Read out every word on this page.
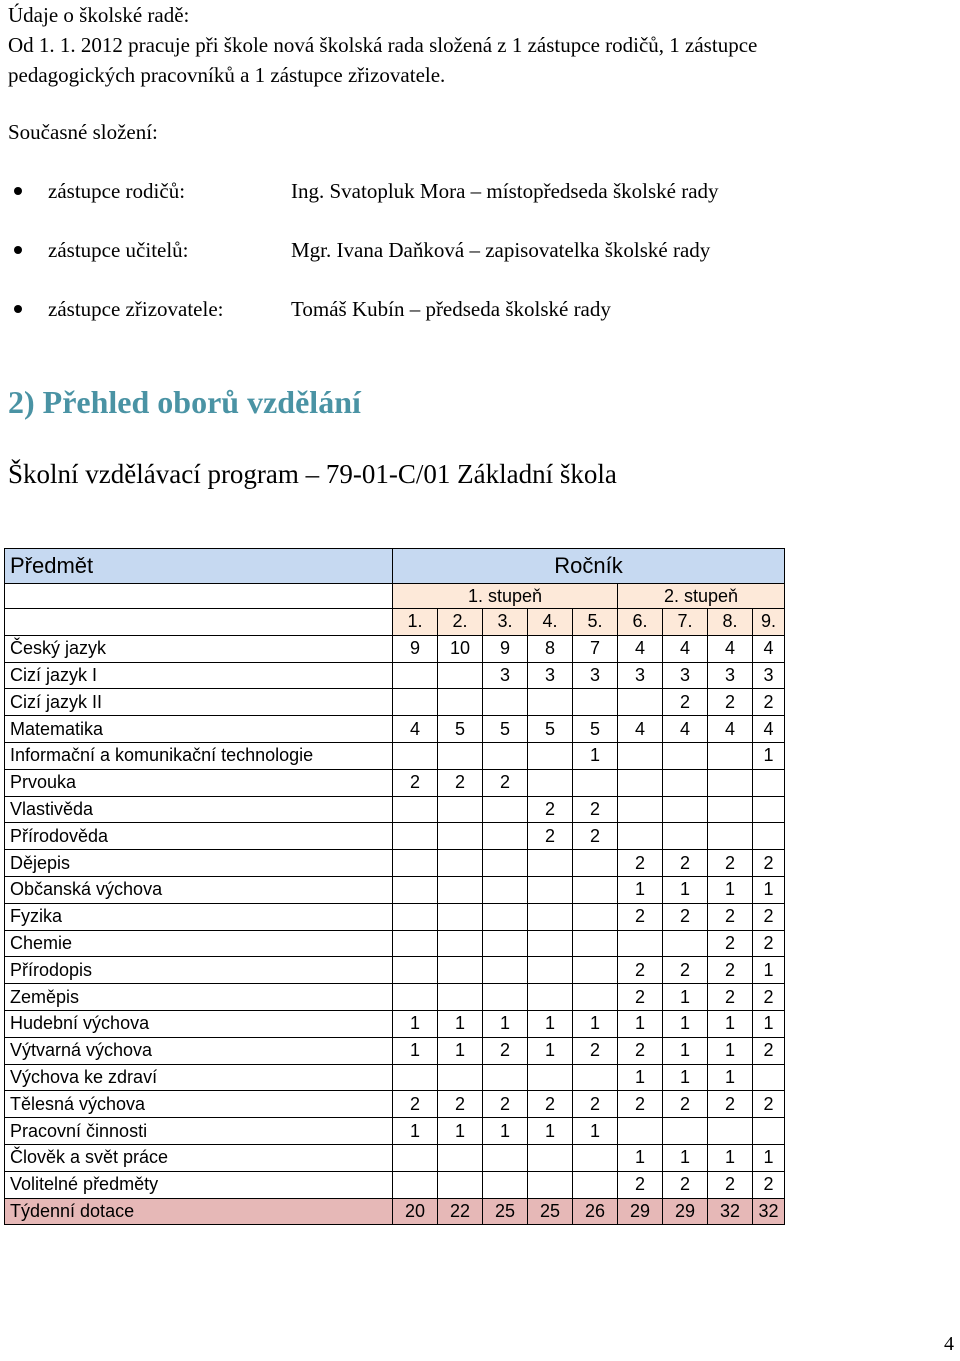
Údaje o školské radě:
Od 1. 1. 2012 pracuje při škole nová školská rada složená z 1 zástupce rodičů, 1 zástupce
pedagogických pracovníků a 1 zástupce zřizovatele.
Současné složení:
zástupce rodičů:	Ing. Svatopluk Mora – místopředseda školské rady
zástupce učitelů:	Mgr. Ivana Daňková – zapisovatelka školské rady
zástupce zřizovatele:	Tomáš Kubín – předseda školské rady
2) Přehled oborů vzdělání
Školní vzdělávací program – 79-01-C/01 Základní škola
Předmět	Ročník								
	1. stupeň					2. stupeň			
	1.	2.	3.	4.	5.	6.	7.	8.	9.
Český jazyk	9	10	9	8	7	4	4	4	4
Cizí jazyk I			3	3	3	3	3	3	3
Cizí jazyk II							2	2	2
Matematika	4	5	5	5	5	4	4	4	4
Informační a komunikační technologie					1				1
Prvouka	2	2	2						
Vlastivěda				2	2				
Přírodověda				2	2				
Dějepis						2	2	2	2
Občanská výchova						1	1	1	1
Fyzika						2	2	2	2
Chemie								2	2
Přírodopis						2	2	2	1
Zeměpis						2	1	2	2
Hudební výchova	1	1	1	1	1	1	1	1	1
Výtvarná výchova	1	1	2	1	2	2	1	1	2
Výchova ke zdraví						1	1	1	
Tělesná výchova	2	2	2	2	2	2	2	2	2
Pracovní činnosti	1	1	1	1	1				
Člověk a svět práce						1	1	1	1
Volitelné předměty						2	2	2	2
Týdenní dotace	20	22	25	25	26	29	29	32	32
4
